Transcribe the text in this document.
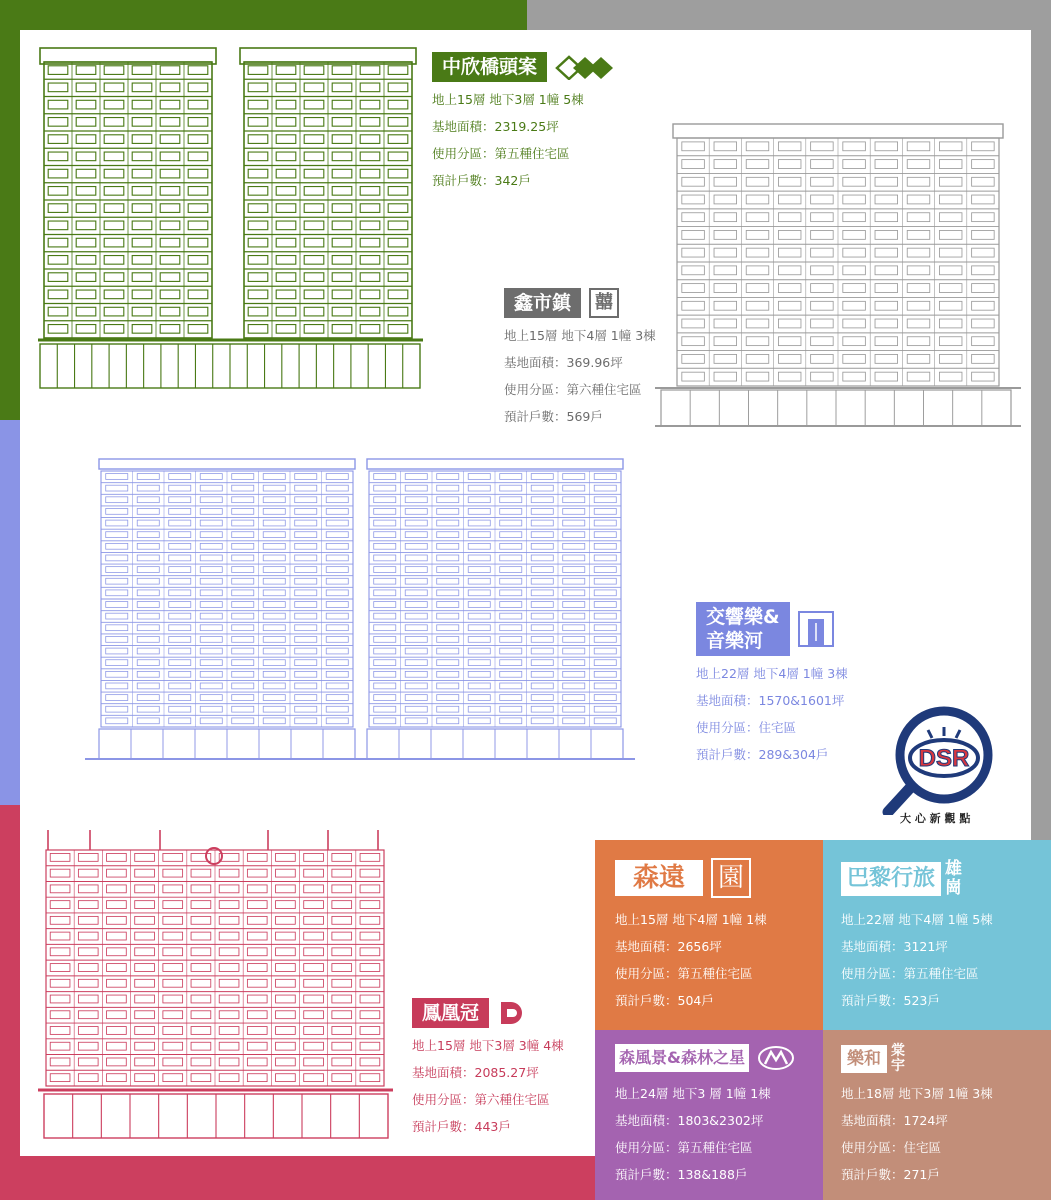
中欣橋頭案
地上15層 地下3層 1幢 5棟
基地面積：2319.25坪
使用分區：第五種住宅區
預計戶數：342戶
鑫市鎮	囍
地上15層 地下4層 1幢 3棟
基地面積：369.96坪
使用分區：第六種住宅區
預計戶數：569戶
交響樂&
音樂河
地上22層 地下4層 1幢 3棟
基地面積：1570&1601坪
使用分區：住宅區
預計戶數：289&304戶	DSR
大 心 新 觀 點
鳳凰冠
地上15層 地下3層 3幢 4棟
基地面積：2085.27坪
使用分區：第六種住宅區
預計戶數：443戶
森遠	園
地上15層 地下4層 1幢 1棟
基地面積：2656坪
使用分區：第五種住宅區
預計戶數：504戶
巴黎行旅 雄崗
地上22層 地下4層 1幢 5棟
基地面積：3121坪
使用分區：第五種住宅區
預計戶數：523戶
森風景&森林之星
地上24層 地下3 層 1幢 1棟
基地面積：1803&2302坪
使用分區：第五種住宅區
預計戶數：138&188戶
樂和 棠宇
地上18層 地下3層 1幢 3棟
基地面積：1724坪
使用分區：住宅區
預計戶數：271戶
